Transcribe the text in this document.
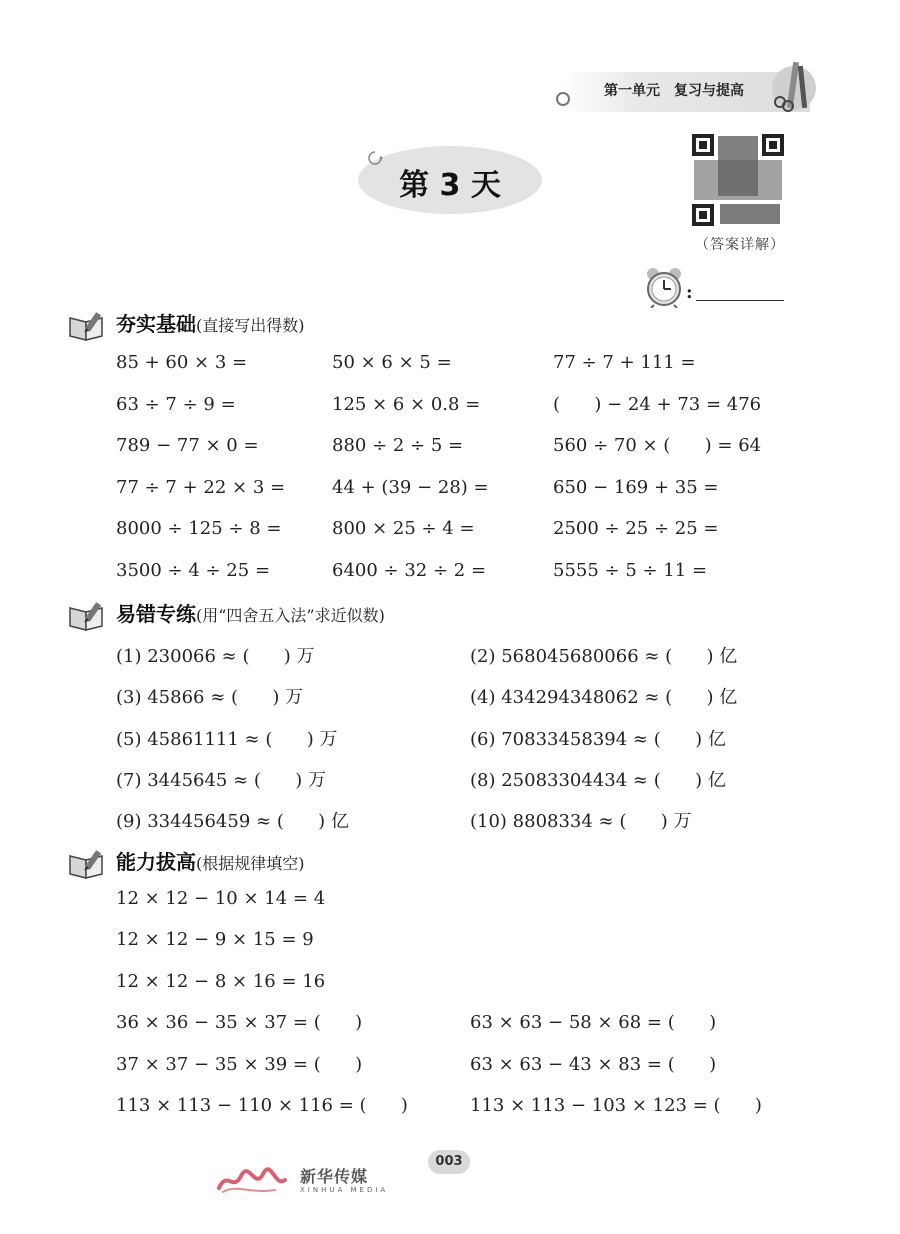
第一单元 复习与提高
第 3 天
（答案详解）
:
夯实基础(直接写出得数)
85 + 60 × 3 =	50 × 6 × 5 =	77 ÷ 7 + 111 =
63 ÷ 7 ÷ 9 =	125 × 6 × 0.8 =	(      ) − 24 + 73 = 476
789 − 77 × 0 =	880 ÷ 2 ÷ 5 =	560 ÷ 70 × (      ) = 64
77 ÷ 7 + 22 × 3 =	44 + (39 − 28) =	650 − 169 + 35 =
8000 ÷ 125 ÷ 8 =	800 × 25 ÷ 4 =	2500 ÷ 25 ÷ 25 =
3500 ÷ 4 ÷ 25 =	6400 ÷ 32 ÷ 2 =	5555 ÷ 5 ÷ 11 =
易错专练(用“四舍五入法”求近似数)
(1) 230066 ≈ (      ) 万	(2) 568045680066 ≈ (      ) 亿
(3) 45866 ≈ (      ) 万	(4) 434294348062 ≈ (      ) 亿
(5) 45861111 ≈ (      ) 万	(6) 70833458394 ≈ (      ) 亿
(7) 3445645 ≈ (      ) 万	(8) 25083304434 ≈ (      ) 亿
(9) 334456459 ≈ (      ) 亿	(10) 8808334 ≈ (      ) 万
能力拔高(根据规律填空)
12 × 12 − 10 × 14 = 4
12 × 12 − 9 × 15 = 9
12 × 12 − 8 × 16 = 16
36 × 36 − 35 × 37 = (      )	63 × 63 − 58 × 68 = (      )
37 × 37 − 35 × 39 = (      )	63 × 63 − 43 × 83 = (      )
113 × 113 − 110 × 116 = (      )	113 × 113 − 103 × 123 = (      )
003
新华传媒
XINHUA MEDIA
